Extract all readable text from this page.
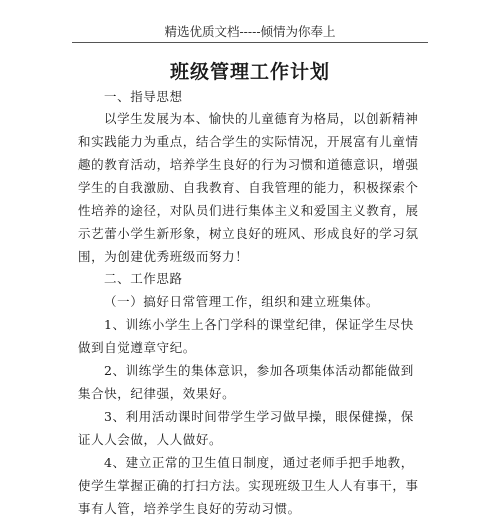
精选优质文档-----倾情为你奉上
班级管理工作计划
一、指导思想
以学生发展为本、愉快的儿童德育为格局，以创新精神和实践能力为重点，结合学生的实际情况，开展富有儿童情趣的教育活动，培养学生良好的行为习惯和道德意识，增强学生的自我激励、自我教育、自我管理的能力，积极探索个性培养的途径，对队员们进行集体主义和爱国主义教育，展示艺蕾小学生新形象，树立良好的班风、形成良好的学习氛围，为创建优秀班级而努力！
二、工作思路
（一）搞好日常管理工作，组织和建立班集体。
1、训练小学生上各门学科的课堂纪律，保证学生尽快做到自觉遵章守纪。
2、训练学生的集体意识，参加各项集体活动都能做到集合快，纪律强，效果好。
3、利用活动课时间带学生学习做早操，眼保健操，保证人人会做，人人做好。
4、建立正常的卫生值日制度，通过老师手把手地教，使学生掌握正确的打扫方法。实现班级卫生人人有事干，事事有人管，培养学生良好的劳动习惯。
